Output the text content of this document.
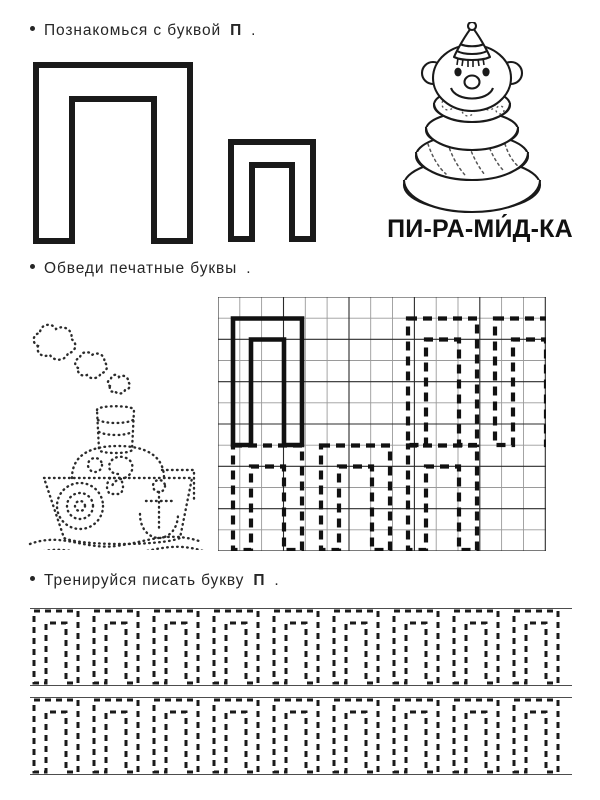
Познакомься с буквой П .
ПИ-РА-МИ́Д-КА
Обведи печатные буквы .
Тренируйся писать букву П .
